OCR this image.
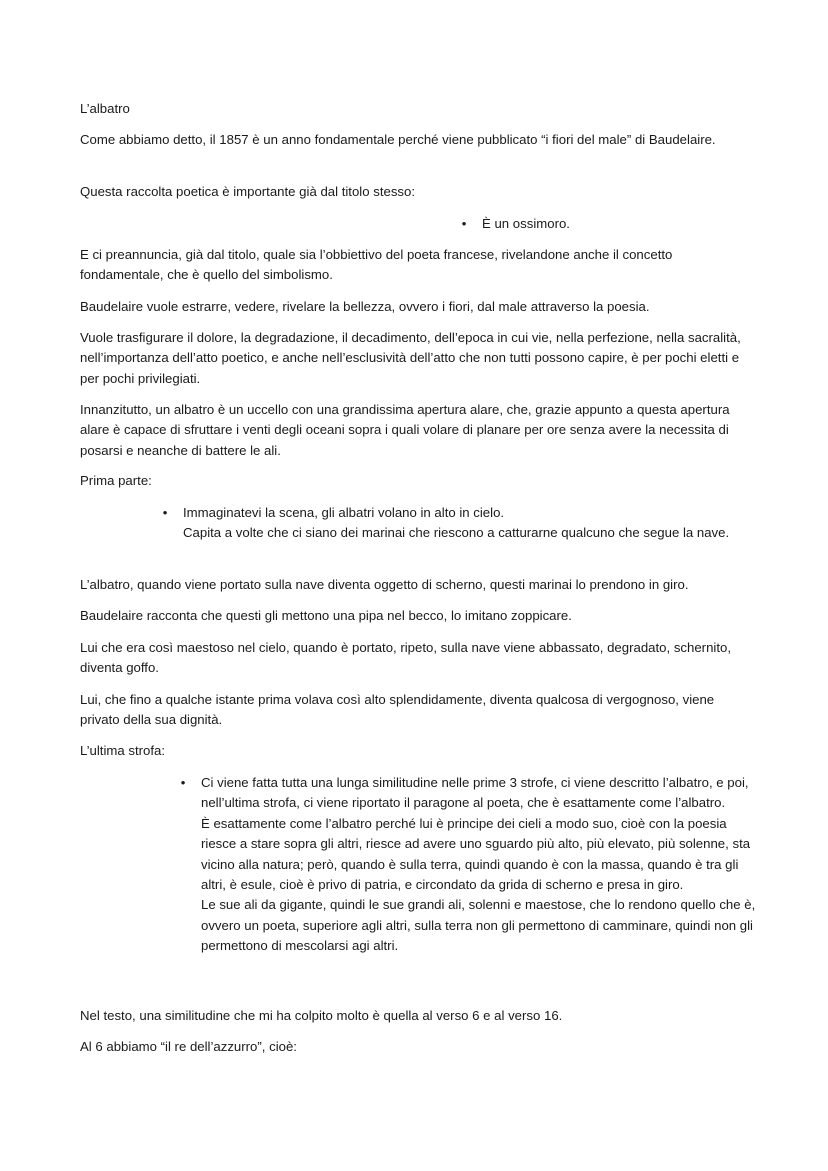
L’albatro

Come abbiamo detto, il 1857 è un anno fondamentale perché viene pubblicato “i fiori del male” di Baudelaire.

Questa raccolta poetica è importante già dal titolo stesso:

•	È un ossimoro.

E ci preannuncia, già dal titolo, quale sia l’obbiettivo del poeta francese, rivelandone anche il concetto fondamentale, che è quello del simbolismo.

Baudelaire vuole estrarre, vedere, rivelare la bellezza, ovvero i fiori, dal male attraverso la poesia.

Vuole trasfigurare il dolore, la degradazione, il decadimento, dell’epoca in cui vie, nella perfezione, nella sacralità, nell’importanza dell’atto poetico, e anche nell’esclusività dell’atto che non tutti possono capire, è per pochi eletti e per pochi privilegiati.

Innanzitutto, un albatro è un uccello con una grandissima apertura alare, che, grazie appunto a questa apertura alare è capace di sfruttare i venti degli oceani sopra i quali volare di planare per ore senza avere la necessita di posarsi e neanche di battere le ali.

Prima parte:

•	Immaginatevi la scena, gli albatri volano in alto in cielo.

Capita a volte che ci siano dei marinai che riescono a catturarne qualcuno che segue la nave.

L’albatro, quando viene portato sulla nave diventa oggetto di scherno, questi marinai lo prendono in giro.

Baudelaire racconta che questi gli mettono una pipa nel becco, lo imitano zoppicare.

Lui che era così maestoso nel cielo, quando è portato, ripeto, sulla nave viene abbassato, degradato, schernito, diventa goffo.

Lui, che fino a qualche istante prima volava così alto splendidamente, diventa qualcosa di vergognoso, viene privato della sua dignità.

L’ultima strofa:

•	Ci viene fatta tutta una lunga similitudine nelle prime 3 strofe, ci viene descritto l’albatro, e poi, nell’ultima strofa, ci viene riportato il paragone al poeta, che è esattamente come l’albatro.

È esattamente come l’albatro perché lui è principe dei cieli a modo suo, cioè con la poesia riesce a stare sopra gli altri, riesce ad avere uno sguardo più alto, più elevato, più solenne, sta vicino alla natura; però, quando è sulla terra, quindi quando è con la massa, quando è tra gli altri, è esule, cioè è privo di patria, e circondato da grida di scherno e presa in giro.

Le sue ali da gigante, quindi le sue grandi ali, solenni e maestose, che lo rendono quello che è, ovvero un poeta, superiore agli altri, sulla terra non gli permettono di camminare, quindi non gli permettono di mescolarsi agi altri.

Nel testo, una similitudine che mi ha colpito molto è quella al verso 6 e al verso 16.

Al 6 abbiamo “il re dell’azzurro”, cioè:
